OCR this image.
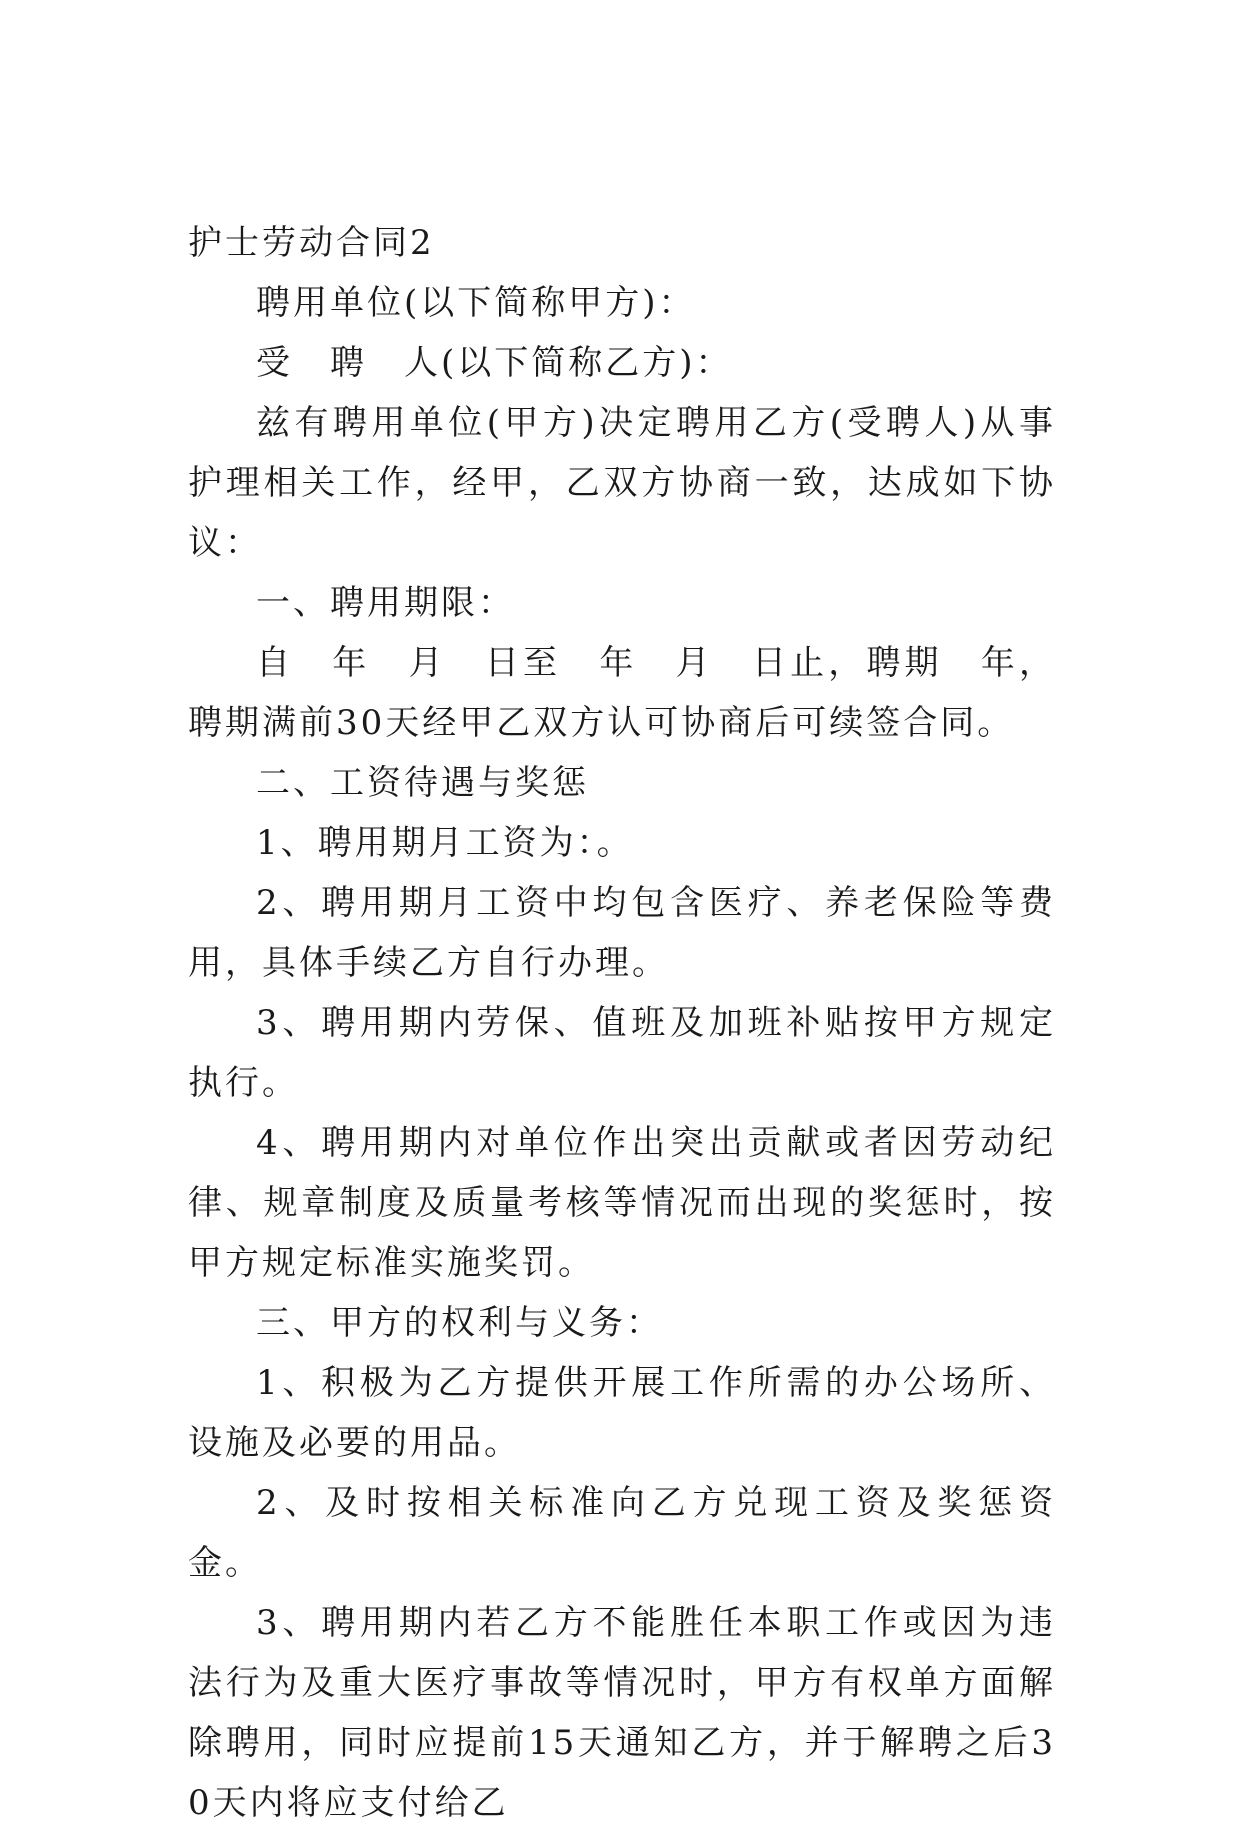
护士劳动合同2

聘用单位(以下简称甲方)：

受　聘　人(以下简称乙方)：

兹有聘用单位(甲方)决定聘用乙方(受聘人)从事护理相关工作，经甲，乙双方协商一致，达成如下协议：

一、聘用期限：

自　年　月　日至　年　月　日止，聘期　年，聘期满前30天经甲乙双方认可协商后可续签合同。

二、工资待遇与奖惩

1、聘用期月工资为：。

2、聘用期月工资中均包含医疗、养老保险等费用，具体手续乙方自行办理。

3、聘用期内劳保、值班及加班补贴按甲方规定执行。

4、聘用期内对单位作出突出贡献或者因劳动纪律、规章制度及质量考核等情况而出现的奖惩时，按甲方规定标准实施奖罚。

三、甲方的权利与义务：

1、积极为乙方提供开展工作所需的办公场所、设施及必要的用品。

2、及时按相关标准向乙方兑现工资及奖惩资金。

3、聘用期内若乙方不能胜任本职工作或因为违法行为及重大医疗事故等情况时，甲方有权单方面解除聘用，同时应提前15天通知乙方，并于解聘之后30天内将应支付给乙
